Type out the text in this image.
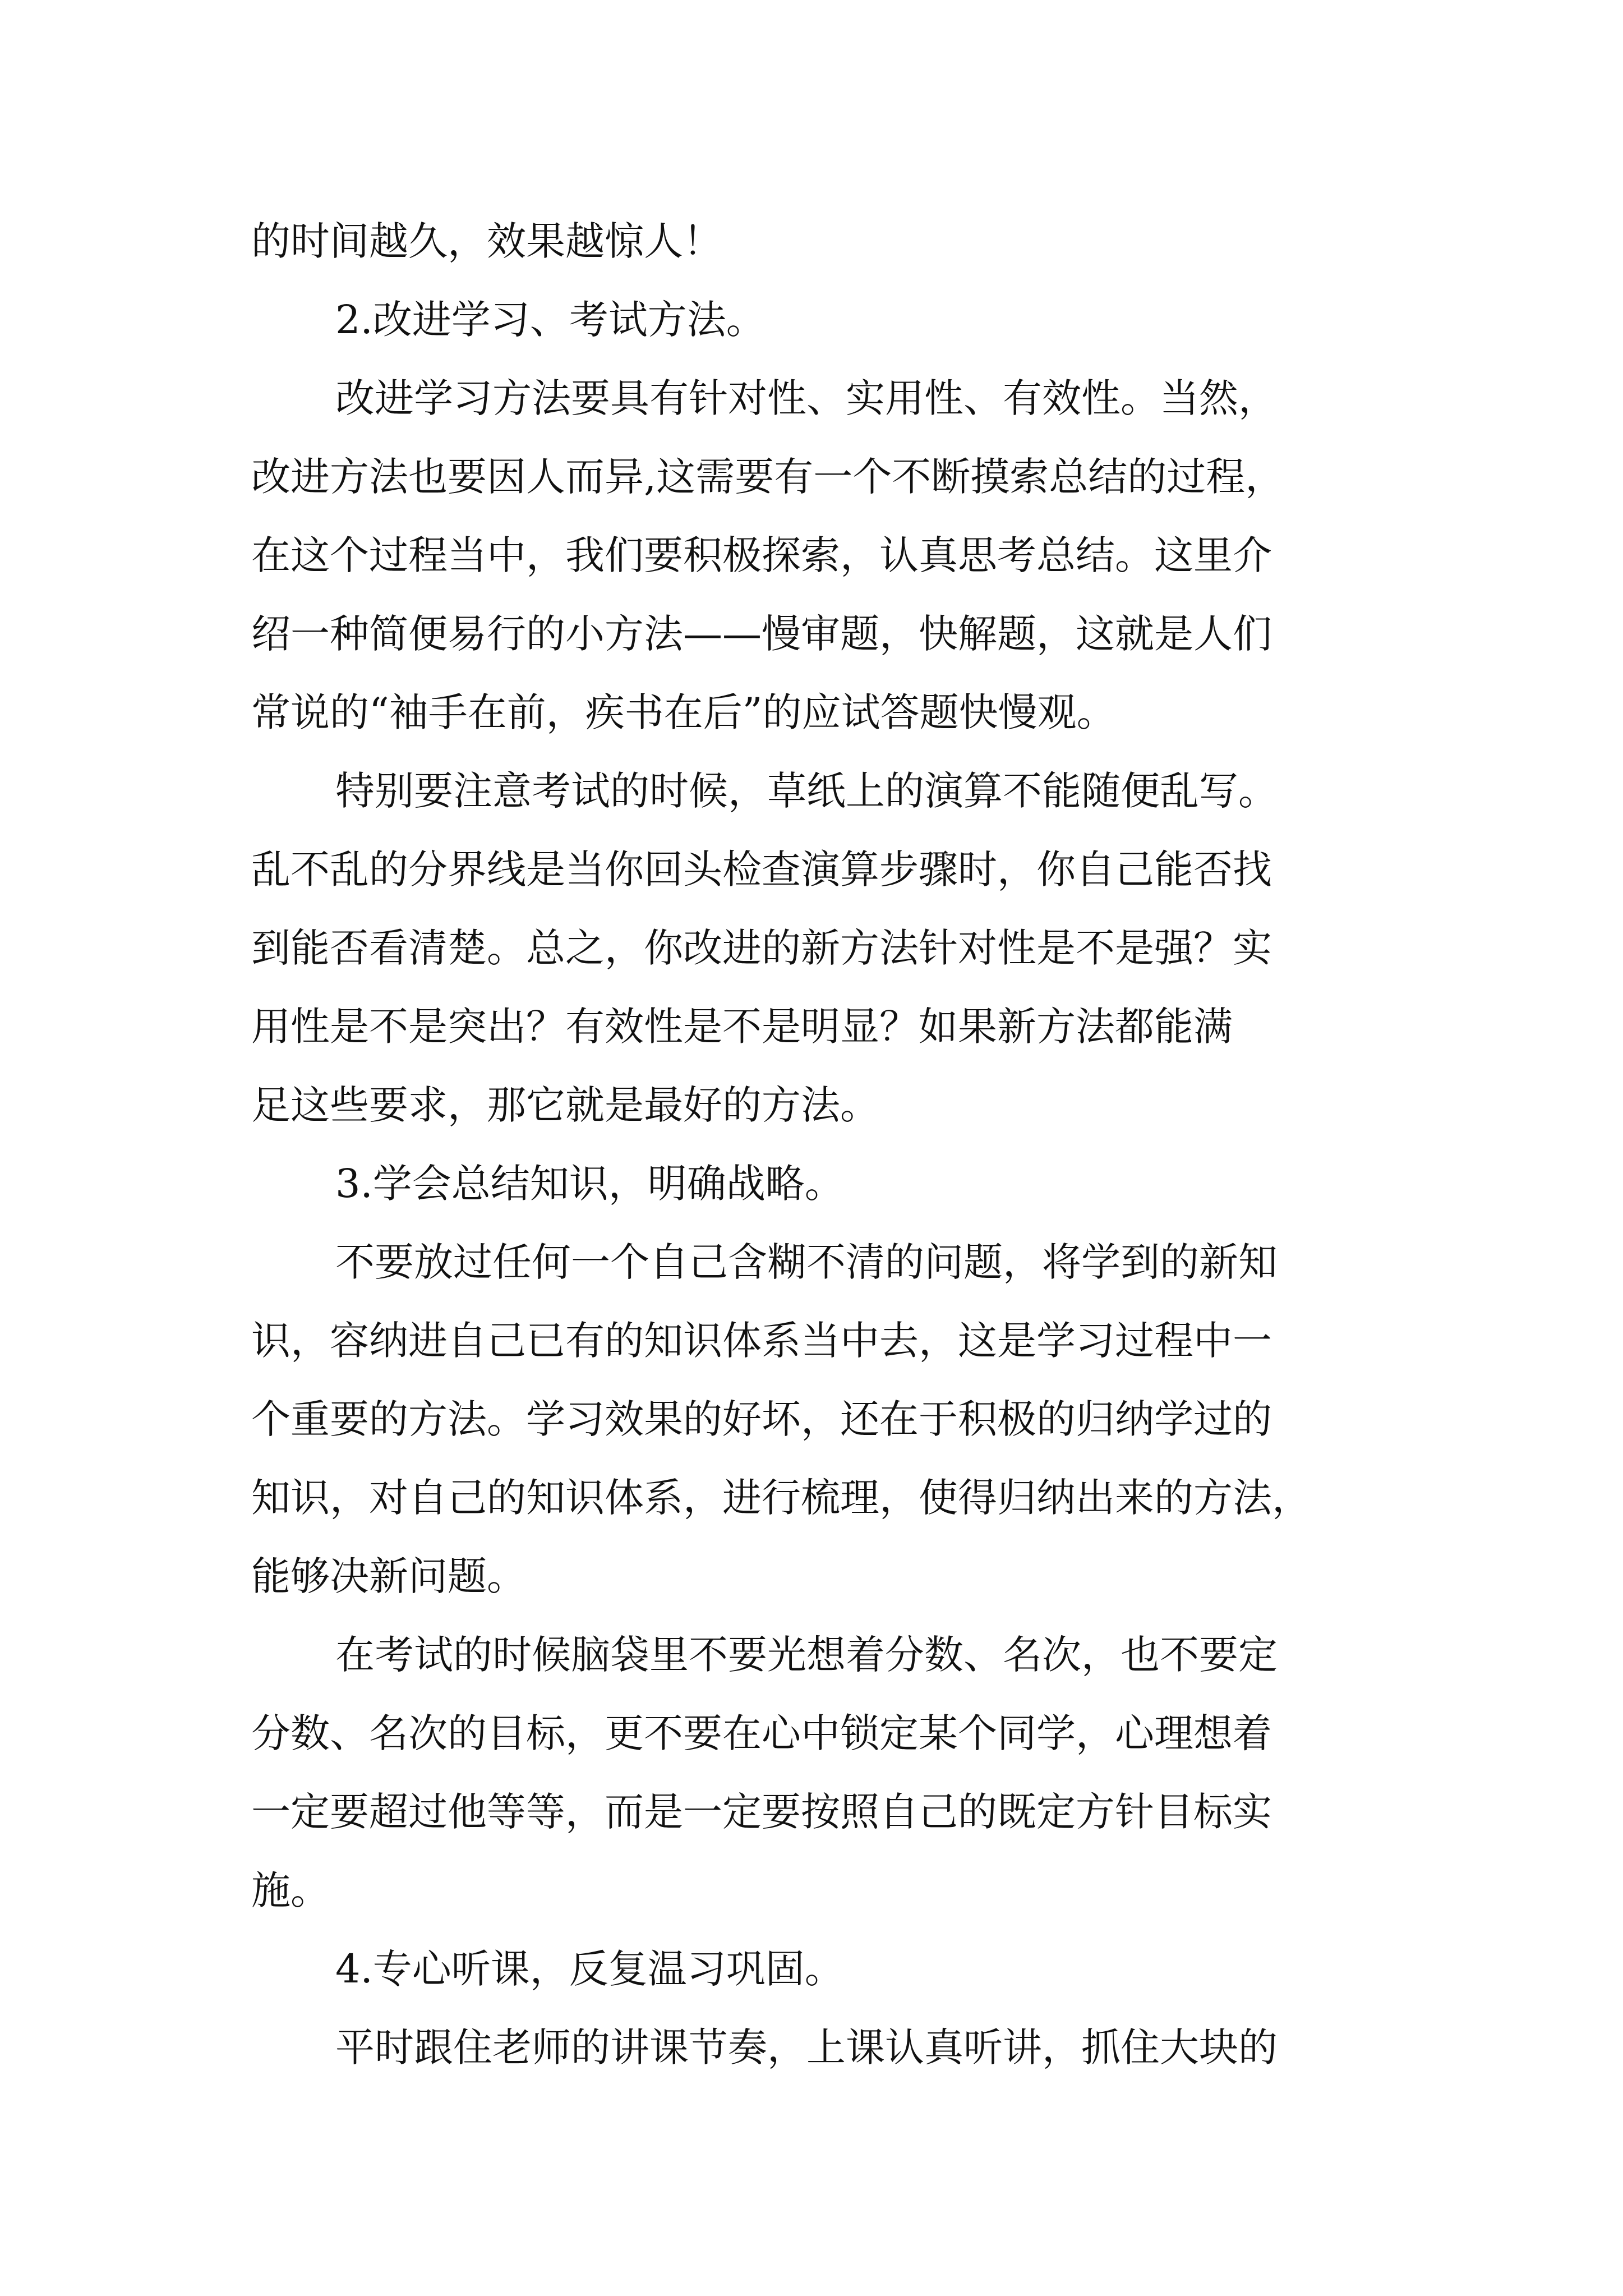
的时间越久，效果越惊人！
2.改进学习、考试方法。
改进学习方法要具有针对性、实用性、有效性。当然，
改进方法也要因人而异,这需要有一个不断摸索总结的过程，
在这个过程当中，我们要积极探索，认真思考总结。这里介
绍一种简便易行的小方法——慢审题，快解题，这就是人们
常说的“袖手在前，疾书在后”的应试答题快慢观。
特别要注意考试的时候，草纸上的演算不能随便乱写。
乱不乱的分界线是当你回头检查演算步骤时，你自己能否找
到能否看清楚。总之，你改进的新方法针对性是不是强？实
用性是不是突出？有效性是不是明显？如果新方法都能满
足这些要求，那它就是最好的方法。
3.学会总结知识，明确战略。
不要放过任何一个自己含糊不清的问题，将学到的新知
识，容纳进自己已有的知识体系当中去，这是学习过程中一
个重要的方法。学习效果的好坏，还在于积极的归纳学过的
知识，对自己的知识体系，进行梳理，使得归纳出来的方法，
能够决新问题。
在考试的时候脑袋里不要光想着分数、名次，也不要定
分数、名次的目标，更不要在心中锁定某个同学，心理想着
一定要超过他等等，而是一定要按照自己的既定方针目标实
施。
4.专心听课，反复温习巩固。
平时跟住老师的讲课节奏，上课认真听讲，抓住大块的
